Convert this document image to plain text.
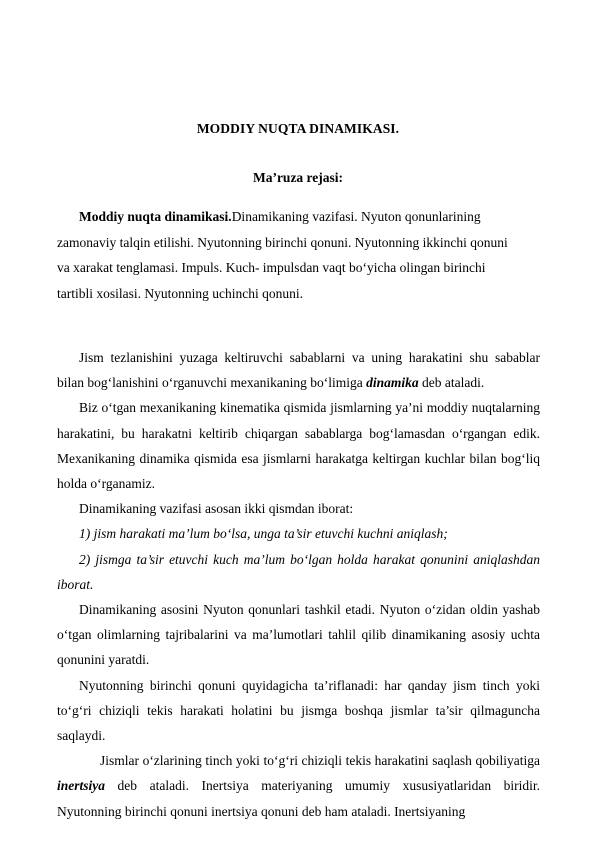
MODDIY NUQTA DINAMIKASI.
Ma’ruza rejasi:
Moddiy nuqta dinamikasi.Dinamikaning vazifasi. Nyuton qonunlarining
zamonaviy talqin etilishi. Nyutonning birinchi qonuni. Nyutonning ikkinchi qonuni
va xarakat tenglamasi. Impuls. Kuch- impulsdan vaqt bo‘yicha olingan birinchi
tartibli xosilasi. Nyutonning uchinchi qonuni.

Jism tezlanishini yuzaga keltiruvchi sabablarni va uning harakatini shu sabablar bilan bog‘lanishini o‘rganuvchi mexanikaning bo‘limiga dinamika deb ataladi.

Biz o‘tgan mexanikaning kinematika qismida jismlarning ya’ni moddiy nuqtalarning harakatini, bu harakatni keltirib chiqargan sabablarga bog‘lamasdan o‘rgangan edik. Mexanikaning dinamika qismida esa jismlarni harakatga keltirgan kuchlar bilan bog‘liq holda o‘rganamiz.

Dinamikaning vazifasi asosan ikki qismdan iborat:

1) jism harakati ma’lum bo‘lsa, unga ta’sir etuvchi kuchni aniqlash;

2) jismga ta’sir etuvchi kuch ma’lum bo‘lgan holda harakat qonunini aniqlashdan iborat.

Dinamikaning asosini Nyuton qonunlari tashkil etadi. Nyuton o‘zidan oldin yashab o‘tgan olimlarning tajribalarini va ma’lumotlari tahlil qilib dinamikaning asosiy uchta qonunini yaratdi.

Nyutonning birinchi qonuni quyidagicha ta’riflanadi: har qanday jism tinch yoki to‘g‘ri chiziqli tekis harakati holatini bu jismga boshqa jismlar ta’sir qilmaguncha saqlaydi.

Jismlar o‘zlarining tinch yoki to‘g‘ri chiziqli tekis harakatini saqlash qobiliyatiga inertsiya deb ataladi. Inertsiya materiyaning umumiy xususiyatlaridan biridir. Nyutonning birinchi qonuni inertsiya qonuni deb ham ataladi. Inertsiyaning
